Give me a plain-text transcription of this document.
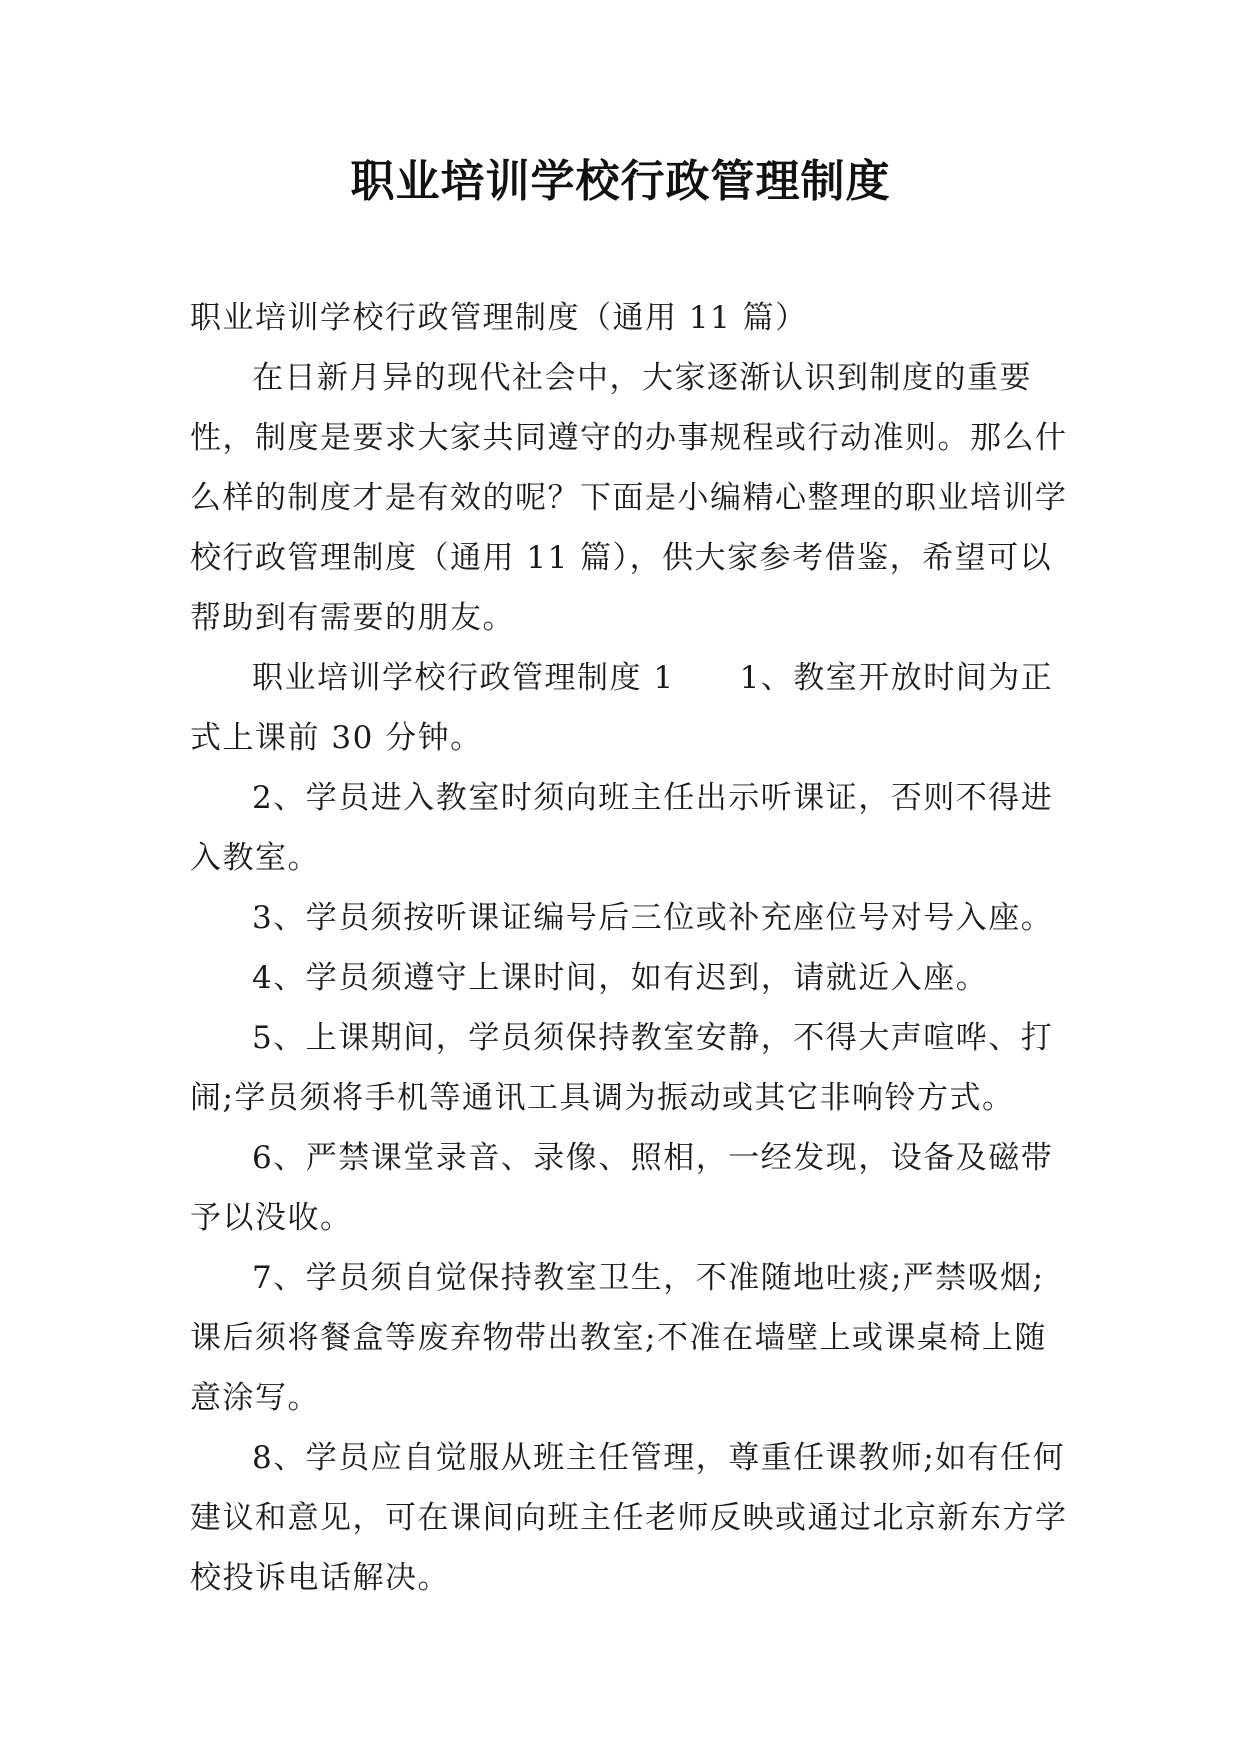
职业培训学校行政管理制度

职业培训学校行政管理制度（通用 11 篇）

在日新月异的现代社会中，大家逐渐认识到制度的重要性，制度是要求大家共同遵守的办事规程或行动准则。那么什么样的制度才是有效的呢？下面是小编精心整理的职业培训学校行政管理制度（通用 11 篇），供大家参考借鉴，希望可以帮助到有需要的朋友。

职业培训学校行政管理制度 1　　1、教室开放时间为正式上课前 30 分钟。

2、学员进入教室时须向班主任出示听课证，否则不得进入教室。

3、学员须按听课证编号后三位或补充座位号对号入座。

4、学员须遵守上课时间，如有迟到，请就近入座。

5、上课期间，学员须保持教室安静，不得大声喧哗、打闹;学员须将手机等通讯工具调为振动或其它非响铃方式。

6、严禁课堂录音、录像、照相，一经发现，设备及磁带予以没收。

7、学员须自觉保持教室卫生，不准随地吐痰;严禁吸烟;课后须将餐盒等废弃物带出教室;不准在墙壁上或课桌椅上随意涂写。

8、学员应自觉服从班主任管理，尊重任课教师;如有任何建议和意见，可在课间向班主任老师反映或通过北京新东方学校投诉电话解决。
